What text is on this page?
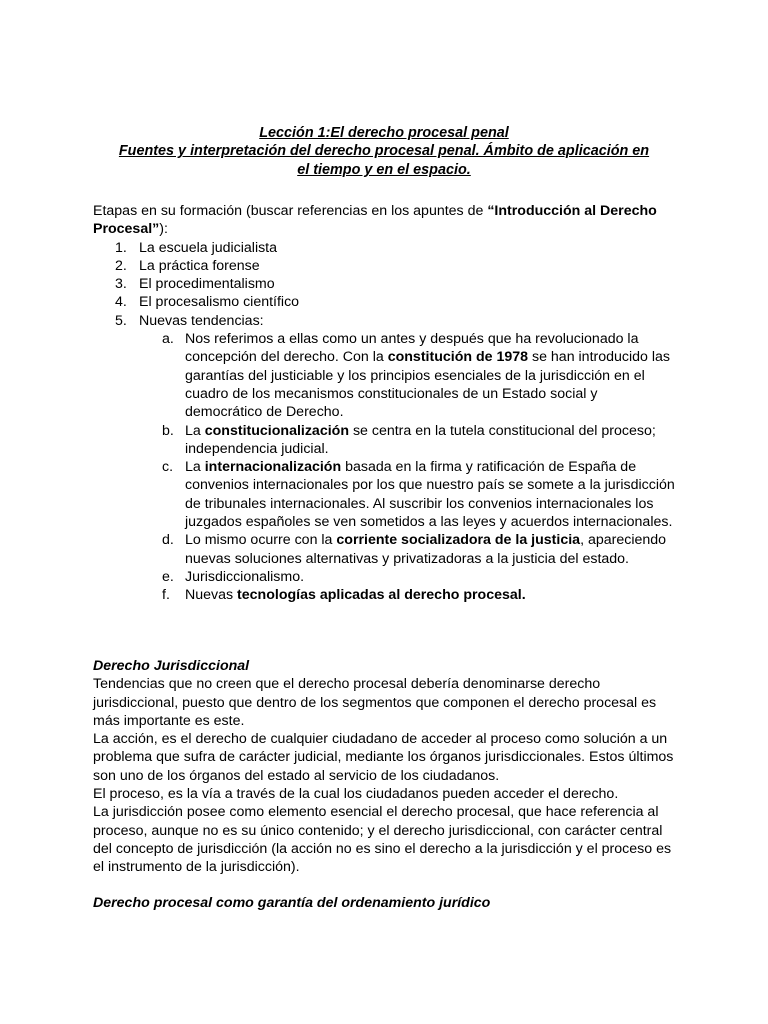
Lección 1:El derecho procesal penal
Fuentes y interpretación del derecho procesal penal. Ámbito de aplicación en
el tiempo y en el espacio.

Etapas en su formación (buscar referencias en los apuntes de “Introducción al Derecho
Procesal”):

1. La escuela judicialista
2. La práctica forense
3. El procedimentalismo
4. El procesalismo científico
5. Nuevas tendencias:
a. Nos referimos a ellas como un antes y después que ha revolucionado la concepción del derecho. Con la constitución de 1978 se han introducido las garantías del justiciable y los principios esenciales de la jurisdicción en el cuadro de los mecanismos constitucionales de un Estado social y democrático de Derecho.
b. La constitucionalización se centra en la tutela constitucional del proceso; independencia judicial.
c. La internacionalización basada en la firma y ratificación de España de convenios internacionales por los que nuestro país se somete a la jurisdicción de tribunales internacionales. Al suscribir los convenios internacionales los juzgados españoles se ven sometidos a las leyes y acuerdos internacionales.
d. Lo mismo ocurre con la corriente socializadora de la justicia, apareciendo nuevas soluciones alternativas y privatizadoras a la justicia del estado.
e. Jurisdiccionalismo.
f.	Nuevas tecnologías aplicadas al derecho procesal.

Derecho Jurisdiccional

Tendencias que no creen que el derecho procesal debería denominarse derecho jurisdiccional, puesto que dentro de los segmentos que componen el derecho procesal es más importante es este.

La acción, es el derecho de cualquier ciudadano de acceder al proceso como solución a un problema que sufra de carácter judicial, mediante los órganos jurisdiccionales. Estos últimos son uno de los órganos del estado al servicio de los ciudadanos.

El proceso, es la vía a través de la cual los ciudadanos pueden acceder el derecho.

La jurisdicción posee como elemento esencial el derecho procesal, que hace referencia al proceso, aunque no es su único contenido; y el derecho jurisdiccional, con carácter central del concepto de jurisdicción (la acción no es sino el derecho a la jurisdicción y el proceso es el instrumento de la jurisdicción).

Derecho procesal como garantía del ordenamiento jurídico
